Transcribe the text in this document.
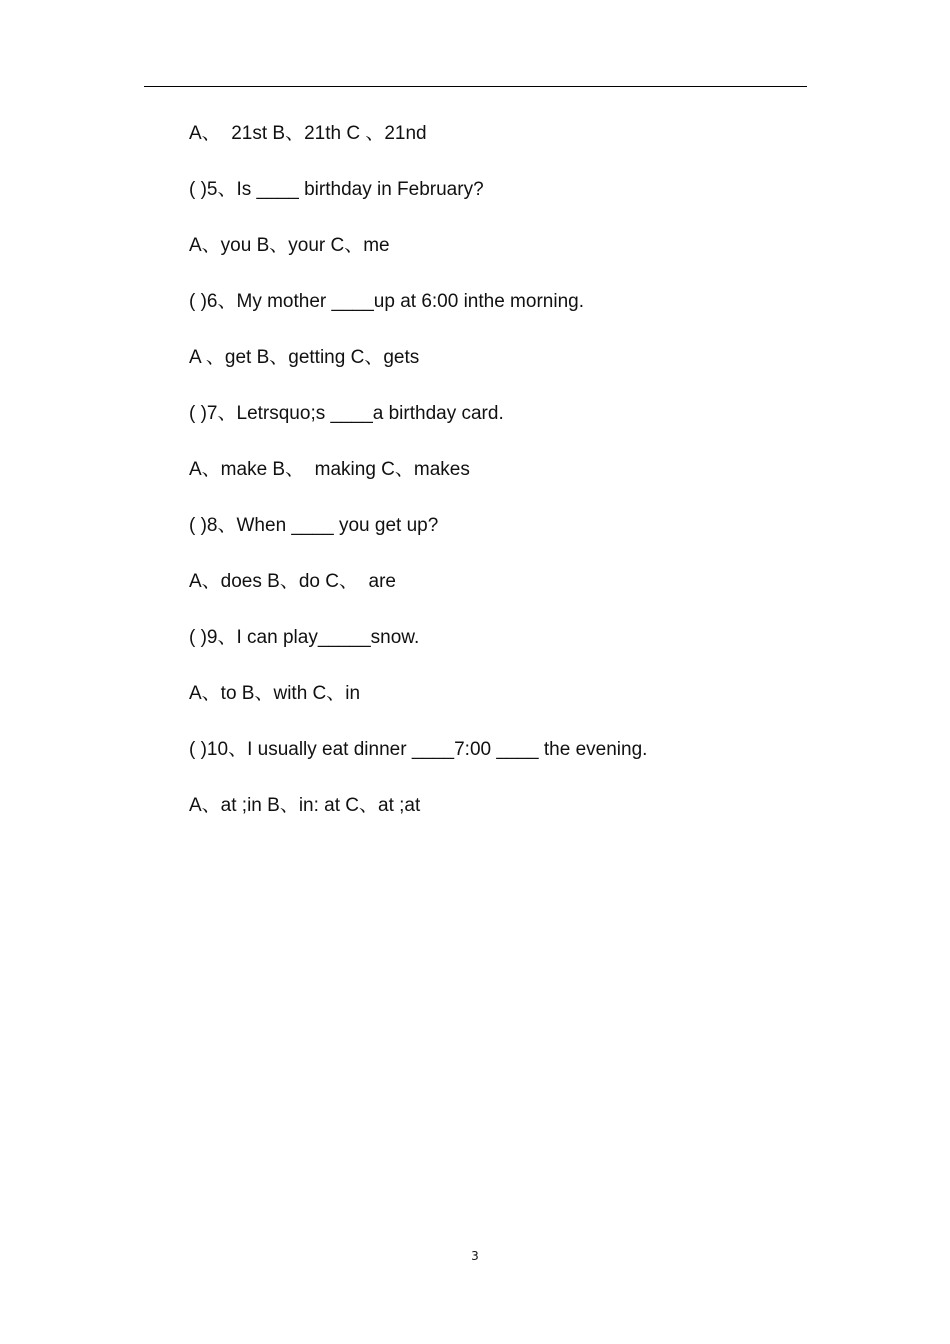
A、  21st B、21th C 、21nd

( )5、Is ____ birthday in February?

A、you B、your C、me

( )6、My mother ____up at 6:00 inthe morning.

A 、get B、getting C、gets

( )7、Letrsquo;s ____a birthday card.

A、make B、  making C、makes

( )8、When ____ you get up?

A、does B、do C、  are

( )9、I can play_____snow.

A、to B、with C、in

( )10、I usually eat dinner ____7:00 ____ the evening.

A、at ;in B、in: at C、at ;at

3
